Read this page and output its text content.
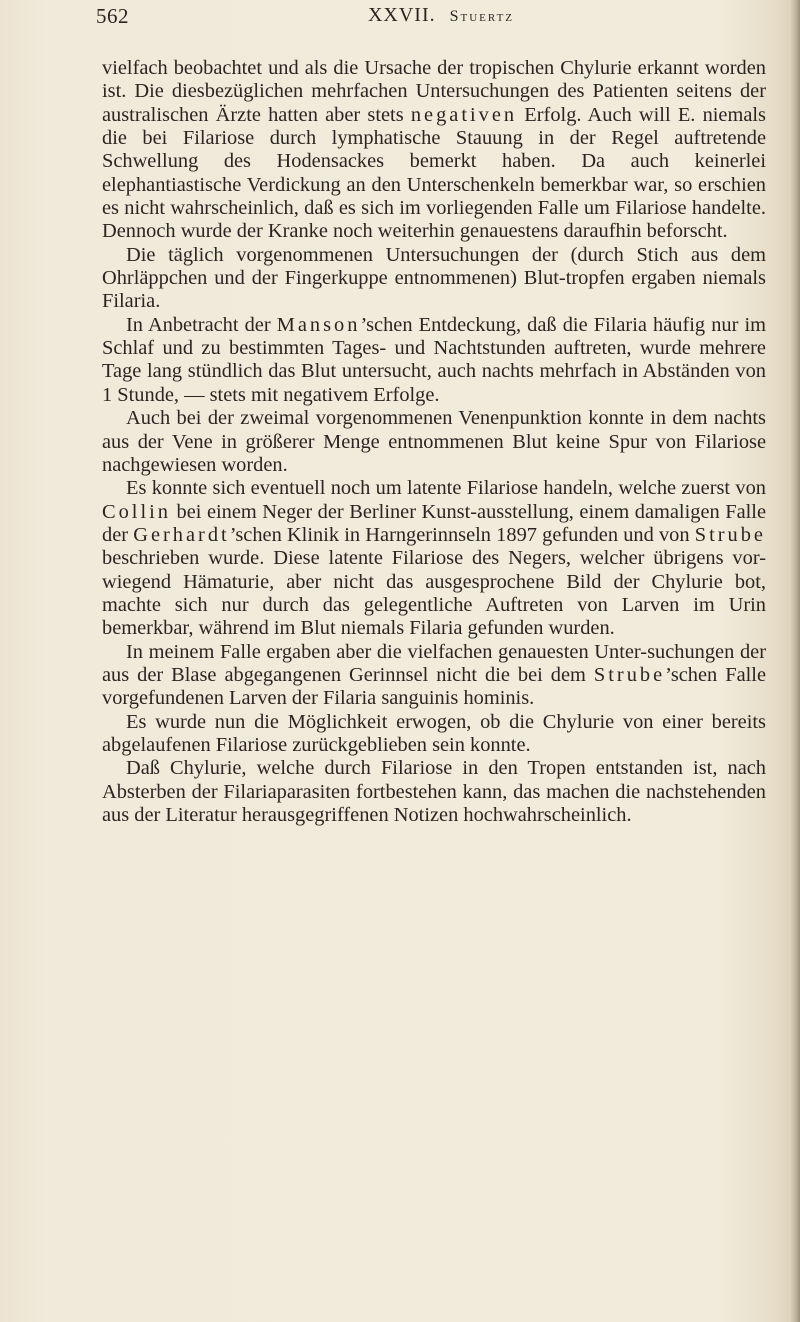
562	XXVII. Stuertz

vielfach beobachtet und als die Ursache der tropischen Chylurie erkannt worden ist. Die diesbezüglichen mehrfachen Untersuchungen des Patienten seitens der australischen Ärzte hatten aber stets negativen Erfolg. Auch will E. niemals die bei Filariose durch lymphatische Stauung in der Regel auftretende Schwellung des Hodensackes bemerkt haben. Da auch keinerlei elephantiastische Verdickung an den Unterschenkeln bemerkbar war, so erschien es nicht wahrscheinlich, daß es sich im vorliegenden Falle um Filariose handelte. Dennoch wurde der Kranke noch weiterhin genauestens daraufhin beforscht.

Die täglich vorgenommenen Untersuchungen der (durch Stich aus dem Ohrläppchen und der Fingerkuppe entnommenen) Blut-tropfen ergaben niemals Filaria.

In Anbetracht der Manson’schen Entdeckung, daß die Filaria häufig nur im Schlaf und zu bestimmten Tages- und Nachtstunden auftreten, wurde mehrere Tage lang stündlich das Blut untersucht, auch nachts mehrfach in Abständen von 1 Stunde, — stets mit negativem Erfolge.

Auch bei der zweimal vorgenommenen Venenpunktion konnte in dem nachts aus der Vene in größerer Menge entnommenen Blut keine Spur von Filariose nachgewiesen worden.

Es konnte sich eventuell noch um latente Filariose handeln, welche zuerst von Collin bei einem Neger der Berliner Kunst-ausstellung, einem damaligen Falle der Gerhardt’schen Klinik in Harngerinnseln 1897 gefunden und von Strube beschrieben wurde. Diese latente Filariose des Negers, welcher übrigens vor-wiegend Hämaturie, aber nicht das ausgesprochene Bild der Chylurie bot, machte sich nur durch das gelegentliche Auftreten von Larven im Urin bemerkbar, während im Blut niemals Filaria gefunden wurden.

In meinem Falle ergaben aber die vielfachen genauesten Unter-suchungen der aus der Blase abgegangenen Gerinnsel nicht die bei dem Strube’schen Falle vorgefundenen Larven der Filaria sanguinis hominis.

Es wurde nun die Möglichkeit erwogen, ob die Chylurie von einer bereits abgelaufenen Filariose zurückgeblieben sein konnte.

Daß Chylurie, welche durch Filariose in den Tropen entstanden ist, nach Absterben der Filariaparasiten fortbestehen kann, das machen die nachstehenden aus der Literatur herausgegriffenen Notizen hochwahrscheinlich.
